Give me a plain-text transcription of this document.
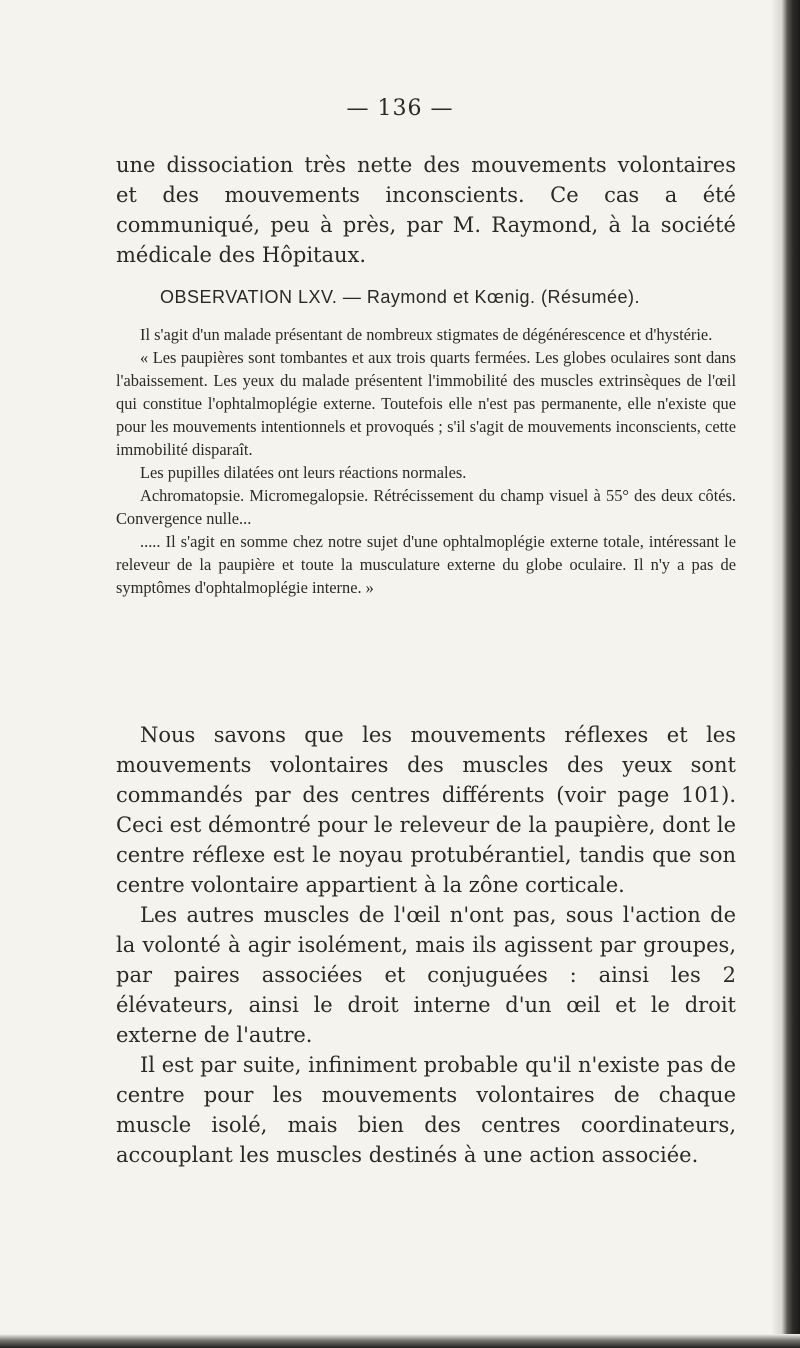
— 136 —

une dissociation très nette des mouvements volontaires et des mouvements inconscients. Ce cas a été communiqué, peu à près, par M. Raymond, à la société médicale des Hôpitaux.

OBSERVATION LXV. — Raymond et Kœnig. (Résumée).

Il s'agit d'un malade présentant de nombreux stigmates de dégénérescence et d'hystérie.

« Les paupières sont tombantes et aux trois quarts fermées. Les globes oculaires sont dans l'abaissement. Les yeux du malade présentent l'immobilité des muscles extrinsèques de l'œil qui constitue l'ophtalmoplégie externe. Toutefois elle n'est pas permanente, elle n'existe que pour les mouvements intentionnels et provoqués ; s'il s'agit de mouvements inconscients, cette immobilité disparaît.

Les pupilles dilatées ont leurs réactions normales.

Achromatopsie. Micromegalopsie. Rétrécissement du champ visuel à 55° des deux côtés. Convergence nulle...

..... Il s'agit en somme chez notre sujet d'une ophtalmoplégie externe totale, intéressant le releveur de la paupière et toute la musculature externe du globe oculaire. Il n'y a pas de symptômes d'ophtalmoplégie interne. »

Nous savons que les mouvements réflexes et les mouvements volontaires des muscles des yeux sont commandés par des centres différents (voir page 101). Ceci est démontré pour le releveur de la paupière, dont le centre réflexe est le noyau protubérantiel, tandis que son centre volontaire appartient à la zône corticale.

Les autres muscles de l'œil n'ont pas, sous l'action de la volonté à agir isolément, mais ils agissent par groupes, par paires associées et conjuguées : ainsi les 2 élévateurs, ainsi le droit interne d'un œil et le droit externe de l'autre.

Il est par suite, infiniment probable qu'il n'existe pas de centre pour les mouvements volontaires de chaque muscle isolé, mais bien des centres coordinateurs, accouplant les muscles destinés à une action associée.
